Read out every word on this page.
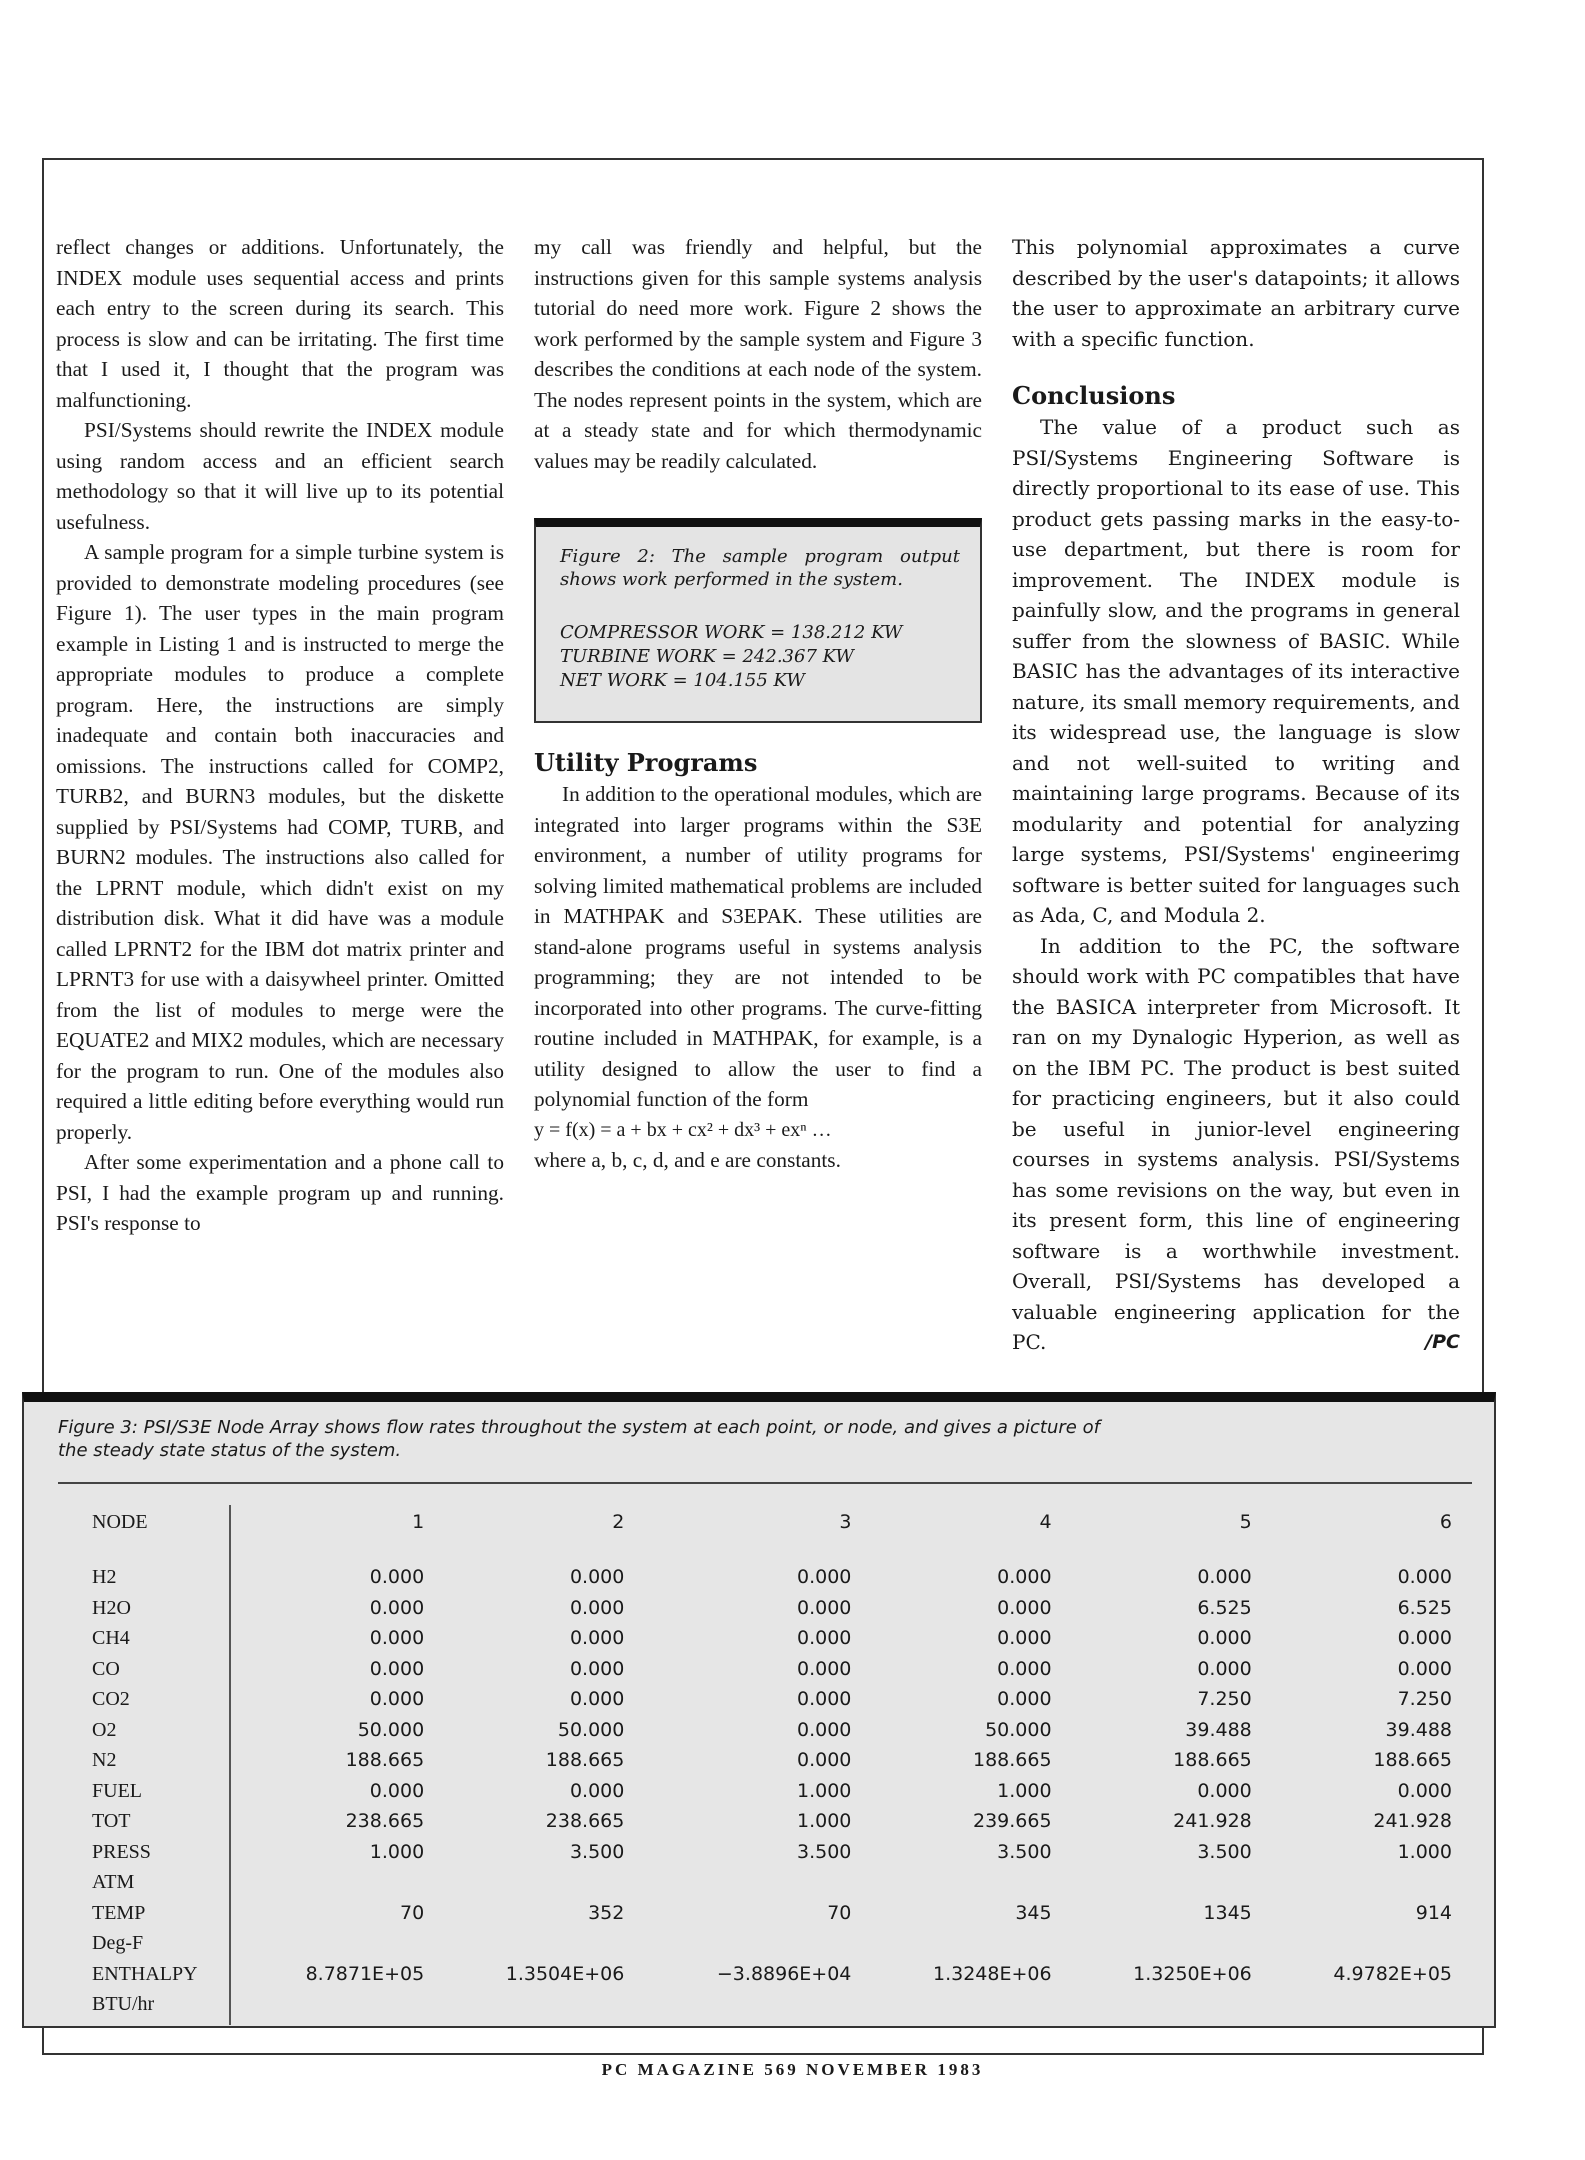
reflect changes or additions. Unfortunately, the INDEX module uses sequential access and prints each entry to the screen during its search. This process is slow and can be irritating. The first time that I used it, I thought that the program was malfunctioning.

PSI/Systems should rewrite the INDEX module using random access and an efficient search methodology so that it will live up to its potential usefulness.

A sample program for a simple turbine system is provided to demonstrate modeling procedures (see Figure 1). The user types in the main program example in Listing 1 and is instructed to merge the appropriate modules to produce a complete program. Here, the instructions are simply inadequate and contain both inaccuracies and omissions. The instructions called for COMP2, TURB2, and BURN3 modules, but the diskette supplied by PSI/Systems had COMP, TURB, and BURN2 modules. The instructions also called for the LPRNT module, which didn't exist on my distribution disk. What it did have was a module called LPRNT2 for the IBM dot matrix printer and LPRNT3 for use with a daisywheel printer. Omitted from the list of modules to merge were the EQUATE2 and MIX2 modules, which are necessary for the program to run. One of the modules also required a little editing before everything would run properly.

After some experimentation and a phone call to PSI, I had the example program up and running. PSI's response to

my call was friendly and helpful, but the instructions given for this sample systems analysis tutorial do need more work. Figure 2 shows the work performed by the sample system and Figure 3 describes the conditions at each node of the system. The nodes represent points in the system, which are at a steady state and for which thermodynamic values may be readily calculated.

Figure 2: The sample program output shows work performed in the system.
COMPRESSOR WORK = 138.212 KW
TURBINE WORK = 242.367 KW
NET WORK = 104.155 KW
Utility Programs

In addition to the operational modules, which are integrated into larger programs within the S3E environment, a number of utility programs for solving limited mathematical problems are included in MATHPAK and S3EPAK. These utilities are stand-alone programs useful in systems analysis programming; they are not intended to be incorporated into other programs. The curve-fitting routine included in MATHPAK, for example, is a utility designed to allow the user to find a polynomial function of the form

y = f(x) = a + bx + cx² + dx³ + exⁿ …

where a, b, c, d, and e are constants.

This polynomial approximates a curve described by the user's datapoints; it allows the user to approximate an arbitrary curve with a specific function.

Conclusions

The value of a product such as PSI/Systems Engineering Software is directly proportional to its ease of use. This product gets passing marks in the easy-to-use department, but there is room for improvement. The INDEX module is painfully slow, and the programs in general suffer from the slowness of BASIC. While BASIC has the advantages of its interactive nature, its small memory requirements, and its widespread use, the language is slow and not well-suited to writing and maintaining large programs. Because of its modularity and potential for analyzing large systems, PSI/Systems' engineerimg software is better suited for languages such as Ada, C, and Modula 2.

In addition to the PC, the software should work with PC compatibles that have the BASICA interpreter from Microsoft. It ran on my Dynalogic Hyperion, as well as on the IBM PC. The product is best suited for practicing engineers, but it also could be useful in junior-level engineering courses in systems analysis. PSI/Systems has some revisions on the way, but even in its present form, this line of engineering software is a worthwhile investment. Overall, PSI/Systems has developed a valuable engineering application for the PC.	/PC

Figure 3: PSI/S3E Node Array shows flow rates throughout the system at each point, or node, and gives a picture of the steady state status of the system.
NODE	1	2	3	4	5	6

H2	0.000	0.000	0.000	0.000	0.000	0.000
H2O	0.000	0.000	0.000	0.000	6.525	6.525
CH4	0.000	0.000	0.000	0.000	0.000	0.000
CO	0.000	0.000	0.000	0.000	0.000	0.000
CO2	0.000	0.000	0.000	0.000	7.250	7.250
O2	50.000	50.000	0.000	50.000	39.488	39.488
N2	188.665	188.665	0.000	188.665	188.665	188.665
FUEL	0.000	0.000	1.000	1.000	0.000	0.000
TOT	238.665	238.665	1.000	239.665	241.928	241.928
PRESS	1.000	3.500	3.500	3.500	3.500	1.000
ATM						
TEMP	70	352	70	345	1345	914
Deg-F						
ENTHALPY	8.7871E+05	1.3504E+06	−3.8896E+04	1.3248E+06	1.3250E+06	4.9782E+05
BTU/hr						
PC MAGAZINE 569 NOVEMBER 1983
